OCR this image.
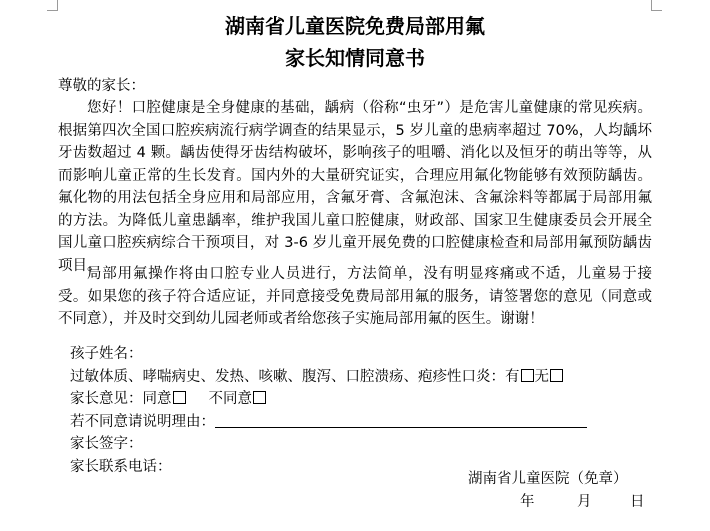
湖南省儿童医院免费局部用氟
家长知情同意书
尊敬的家长：

您好！口腔健康是全身健康的基础，龋病（俗称“虫牙”）是危害儿童健康的常见疾病。根据第四次全国口腔疾病流行病学调查的结果显示，5 岁儿童的患病率超过 70%，人均龋坏牙齿数超过 4 颗。龋齿使得牙齿结构破坏，影响孩子的咀嚼、消化以及恒牙的萌出等等，从而影响儿童正常的生长发育。国内外的大量研究证实，合理应用氟化物能够有效预防龋齿。氟化物的用法包括全身应用和局部应用，含氟牙膏、含氟泡沫、含氟涂料等都属于局部用氟的方法。为降低儿童患龋率，维护我国儿童口腔健康，财政部、国家卫生健康委员会开展全国儿童口腔疾病综合干预项目，对 3-6 岁儿童开展免费的口腔健康检查和局部用氟预防龋齿项目。

局部用氟操作将由口腔专业人员进行，方法简单，没有明显疼痛或不适，儿童易于接受。如果您的孩子符合适应证，并同意接受免费局部用氟的服务，请签署您的意见（同意或不同意），并及时交到幼儿园老师或者给您孩子实施局部用氟的医生。谢谢！

孩子姓名：
过敏体质、哮喘病史、发热、咳嗽、腹泻、口腔溃疡、疱疹性口炎：有 无
家长意见：同意	不同意
若不同意请说明理由：
家长签字：
家长联系电话：
湖南省儿童医院（免章）
年	月	日
